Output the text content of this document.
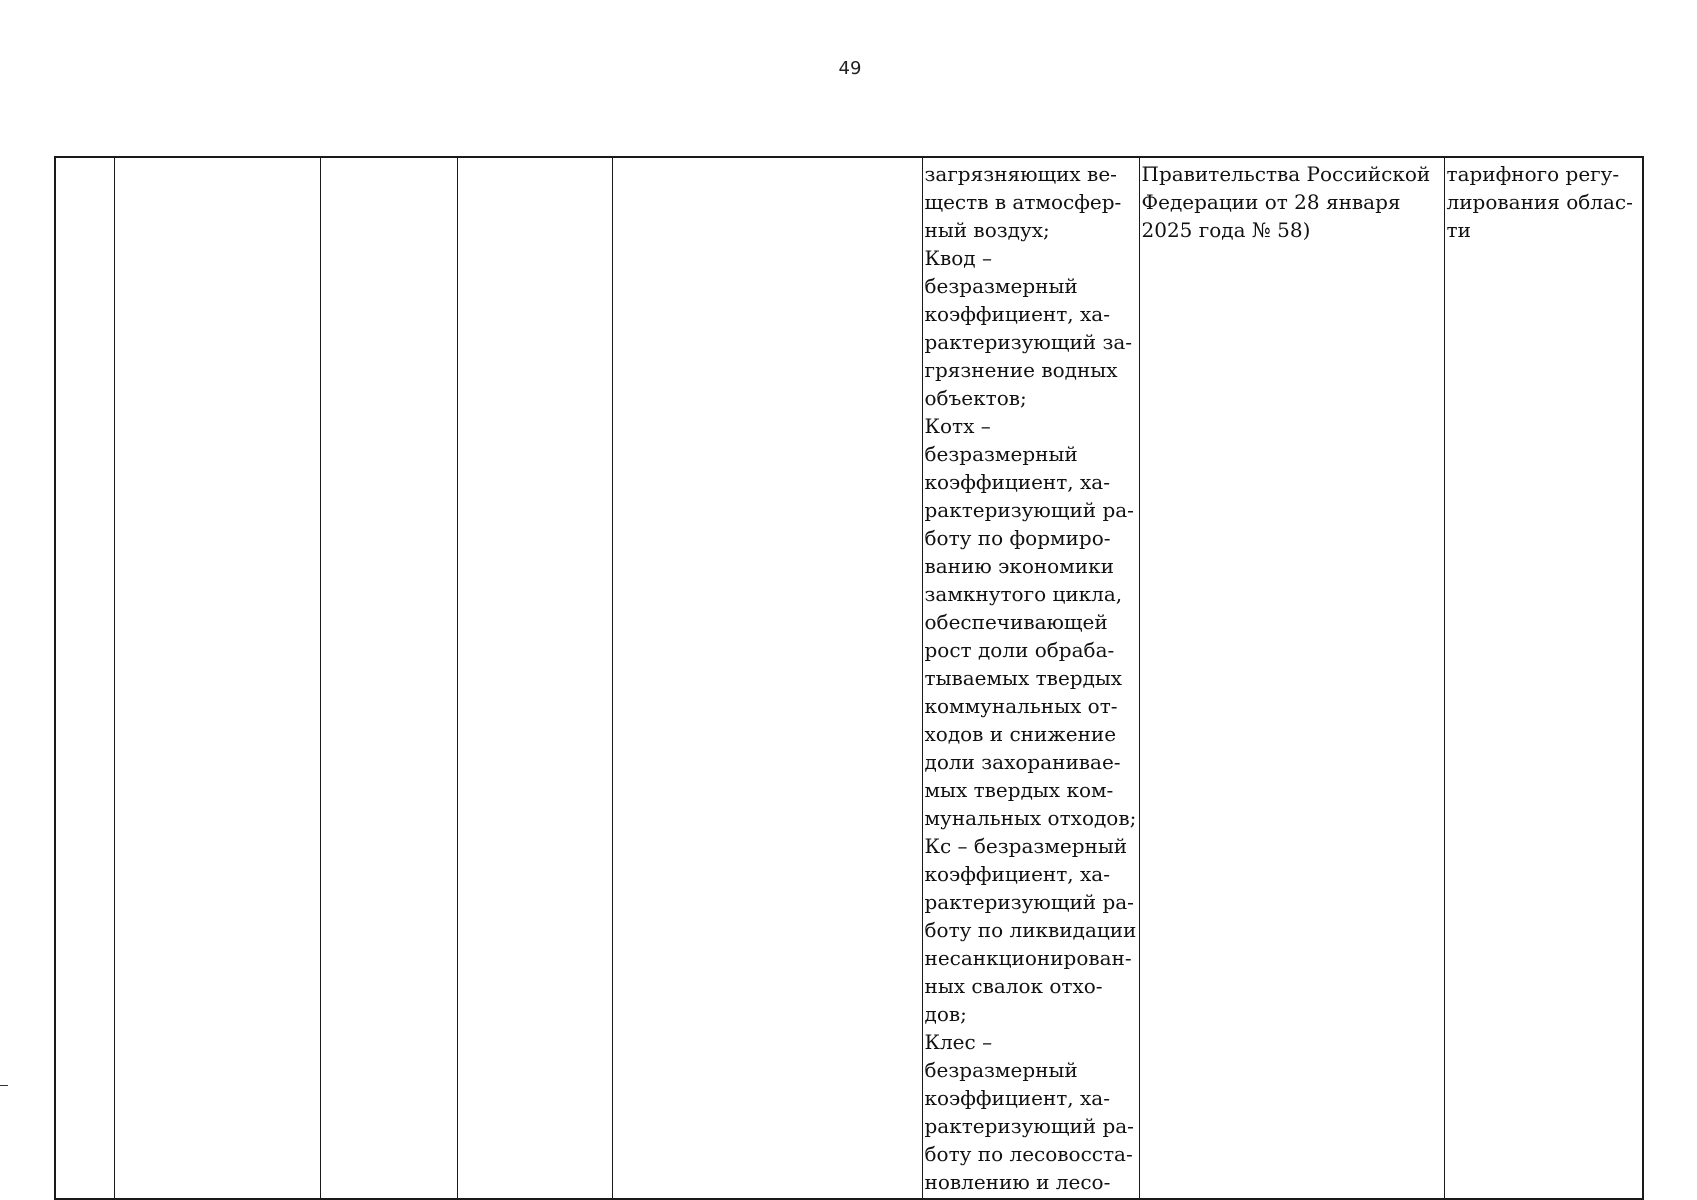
49

загрязняющих ве-
ществ в атмосфер-
ный воздух;
Квод – безразмерный
коэффициент, ха-
рактеризующий за-
грязнение водных
объектов;
Котх – безразмерный
коэффициент, ха-
рактеризующий ра-
боту по формиро-
ванию экономики
замкнутого цикла,
обеспечивающей
рост доли обраба-
тываемых твердых
коммунальных от-
ходов и снижение
доли захораниваe-
мых твердых ком-
мунальных отходов;
Кс – безразмерный
коэффициент, ха-
рактеризующий ра-
боту по ликвидации
несанкционирован-
ных свалок отхо-
дов;
Клес – безразмерный
коэффициент, ха-
рактеризующий ра-
боту по лесовосста-
новлению и лесо-

Правительства Российской
Федерации от 28 января
2025 года № 58)

тарифного регу-
лирования облас-
ти
